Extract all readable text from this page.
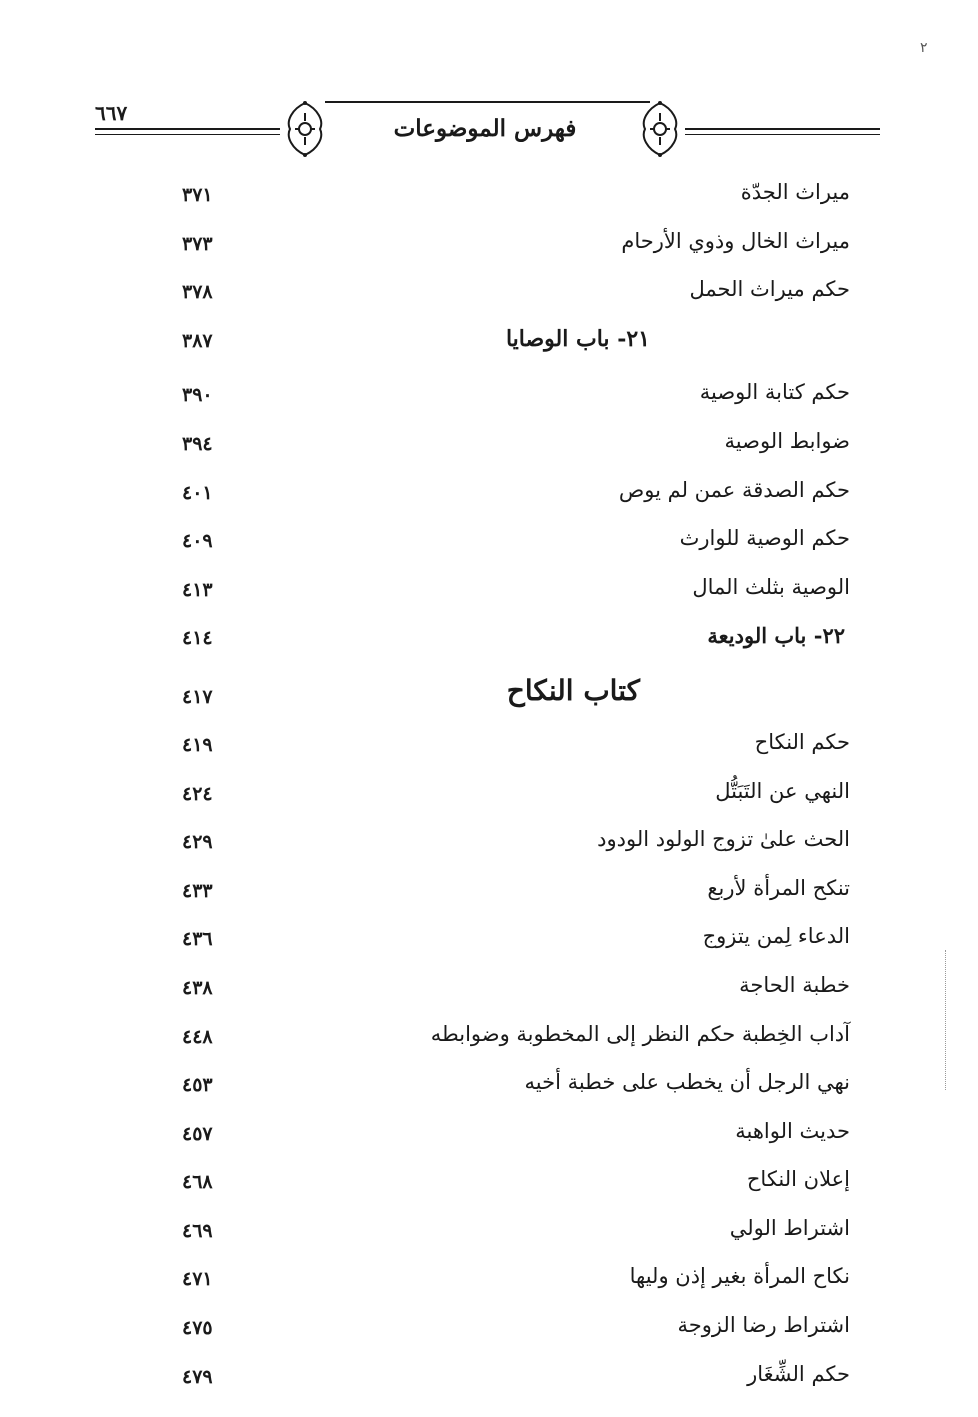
٢
٦٦٧
فهرس الموضوعات
ميراث الجدّة
٣٧١
ميراث الخال وذوي الأرحام
٣٧٣
حكم ميراث الحمل
٣٧٨
٢١- باب الوصايا
٣٨٧
حكم كتابة الوصية
٣٩٠
ضوابط الوصية
٣٩٤
حكم الصدقة عمن لم يوص
٤٠١
حكم الوصية للوارث
٤٠٩
الوصية بثلث المال
٤١٣
٢٢- باب الوديعة
٤١٤
كتاب النكاح
٤١٧
حكم النكاح
٤١٩
النهي عن التَبَتُّل
٤٢٤
الحث علىٰ تزوج الولود الودود
٤٢٩
تنكح المرأة لأربع
٤٣٣
الدعاء لِمن يتزوج
٤٣٦
خطبة الحاجة
٤٣٨
آداب الخِطبة حكم النظر إلى المخطوبة وضوابطه
٤٤٨
نهي الرجل أن يخطب على خطبة أخيه
٤٥٣
حديث الواهبة
٤٥٧
إعلان النكاح
٤٦٨
اشتراط الولي
٤٦٩
نكاح المرأة بغير إذن وليها
٤٧١
اشتراط رضا الزوجة
٤٧٥
حكم الشِّغَار
٤٧٩
